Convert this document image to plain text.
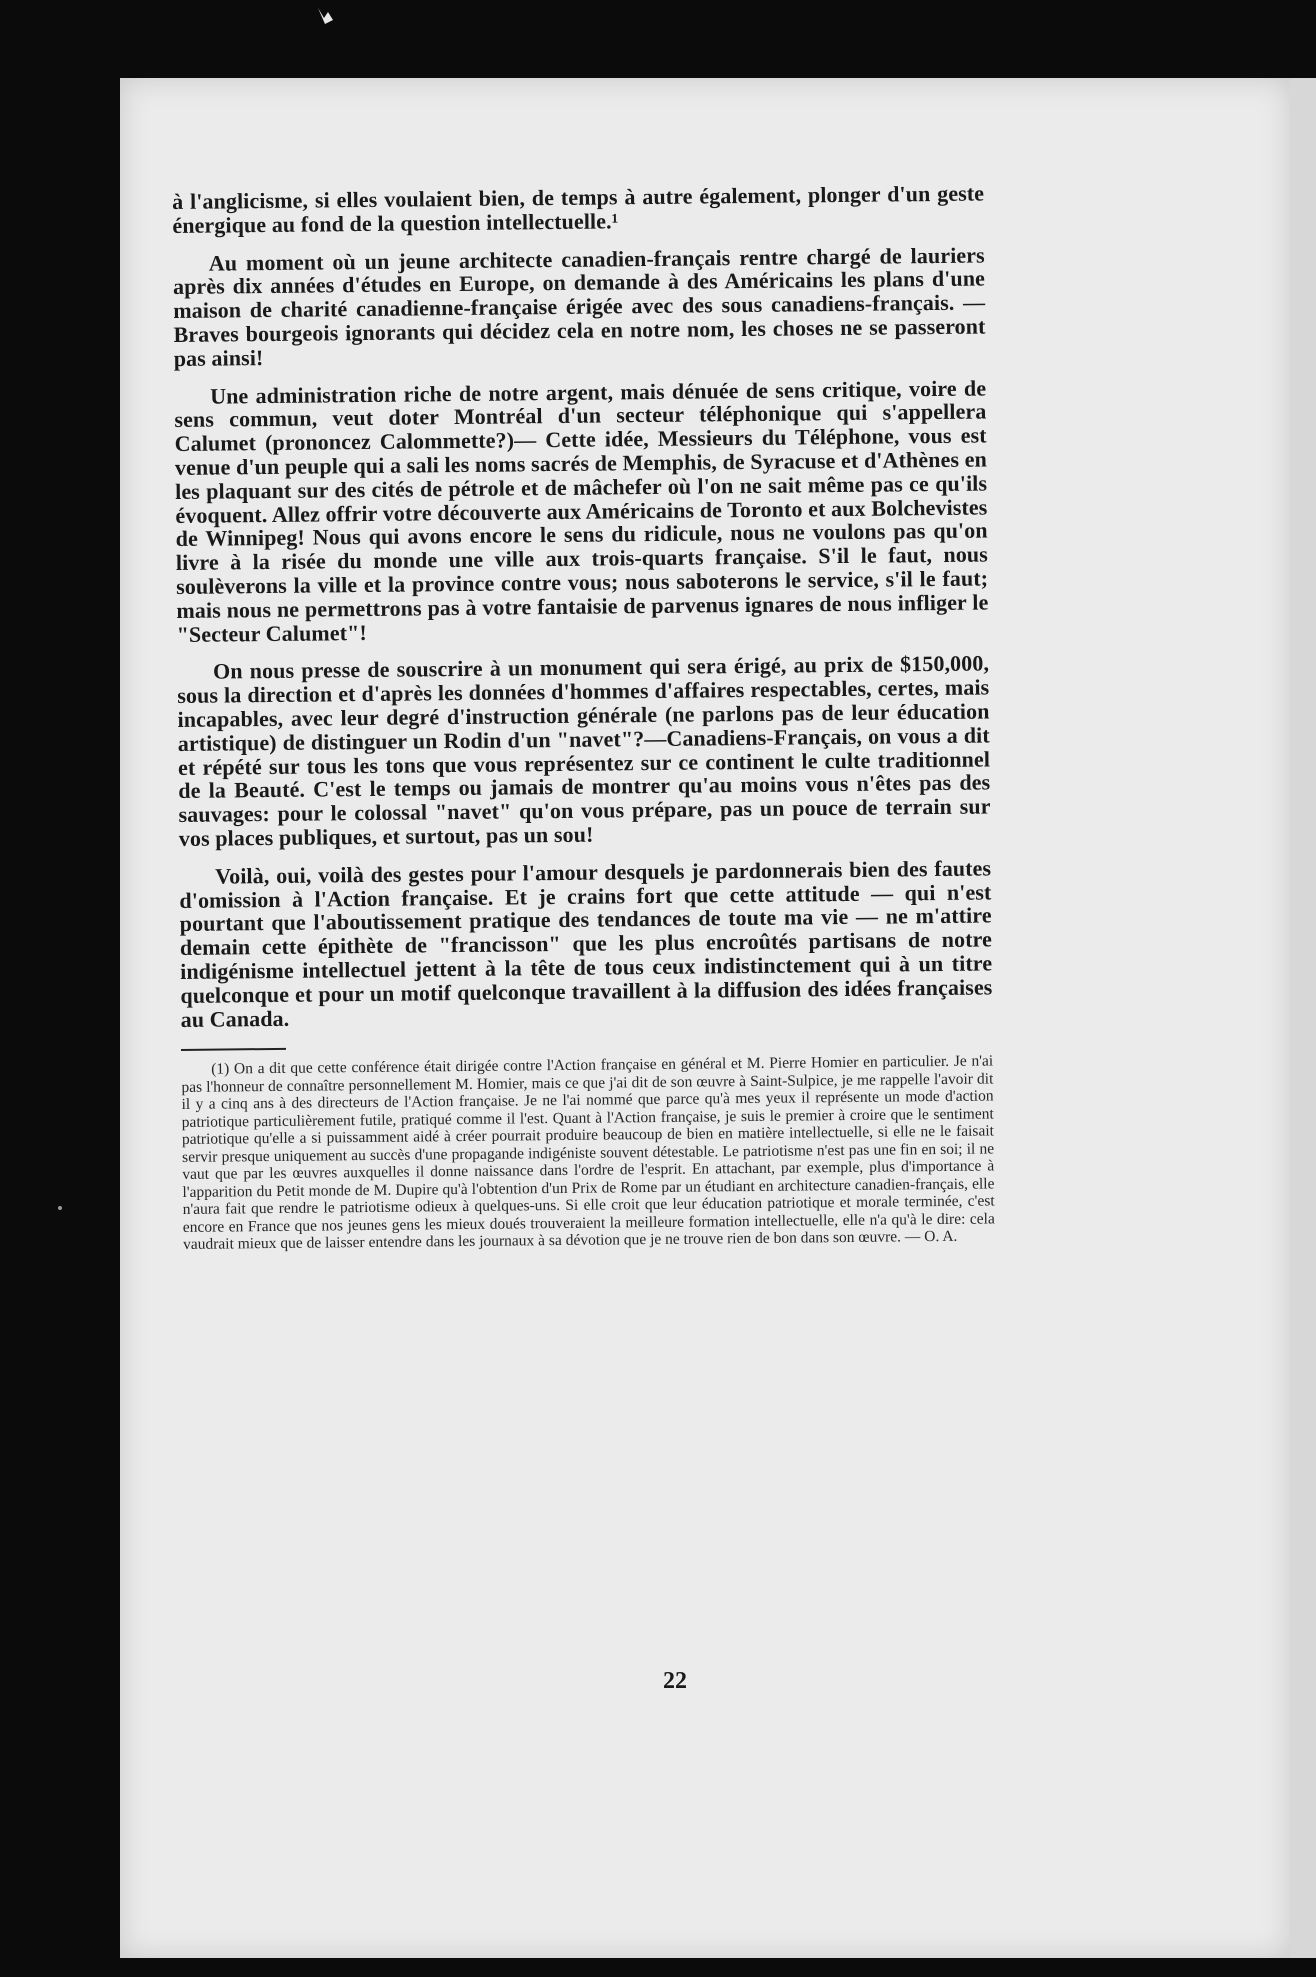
à l'anglicisme, si elles voulaient bien, de temps à autre également, plonger d'un geste énergique au fond de la question intellectuelle.¹

Au moment où un jeune architecte canadien-français rentre chargé de lauriers après dix années d'études en Europe, on demande à des Américains les plans d'une maison de charité canadienne-française érigée avec des sous canadiens-français. — Braves bourgeois ignorants qui décidez cela en notre nom, les choses ne se passeront pas ainsi!

Une administration riche de notre argent, mais dénuée de sens critique, voire de sens commun, veut doter Montréal d'un secteur téléphonique qui s'appellera Calumet (prononcez Calommette?)— Cette idée, Messieurs du Téléphone, vous est venue d'un peuple qui a sali les noms sacrés de Memphis, de Syracuse et d'Athènes en les plaquant sur des cités de pétrole et de mâchefer où l'on ne sait même pas ce qu'ils évoquent. Allez offrir votre découverte aux Américains de Toronto et aux Bolchevistes de Winnipeg! Nous qui avons encore le sens du ridicule, nous ne voulons pas qu'on livre à la risée du monde une ville aux trois-quarts française. S'il le faut, nous soulèverons la ville et la province contre vous; nous saboterons le service, s'il le faut; mais nous ne permettrons pas à votre fantaisie de parvenus ignares de nous infliger le "Secteur Calumet"!

On nous presse de souscrire à un monument qui sera érigé, au prix de $150,000, sous la direction et d'après les données d'hommes d'affaires respectables, certes, mais incapables, avec leur degré d'instruction générale (ne parlons pas de leur éducation artistique) de distinguer un Rodin d'un "navet"?—Canadiens-Français, on vous a dit et répété sur tous les tons que vous représentez sur ce continent le culte traditionnel de la Beauté. C'est le temps ou jamais de montrer qu'au moins vous n'êtes pas des sauvages: pour le colossal "navet" qu'on vous prépare, pas un pouce de terrain sur vos places publiques, et surtout, pas un sou!

Voilà, oui, voilà des gestes pour l'amour desquels je pardonnerais bien des fautes d'omission à l'Action française. Et je crains fort que cette attitude — qui n'est pourtant que l'aboutissement pratique des tendances de toute ma vie — ne m'attire demain cette épithète de "francisson" que les plus encroûtés partisans de notre indigénisme intellectuel jettent à la tête de tous ceux indistinctement qui à un titre quelconque et pour un motif quelconque travaillent à la diffusion des idées françaises au Canada.

(1) On a dit que cette conférence était dirigée contre l'Action française en général et M. Pierre Homier en particulier. Je n'ai pas l'honneur de connaître personnellement M. Homier, mais ce que j'ai dit de son œuvre à Saint-Sulpice, je me rappelle l'avoir dit il y a cinq ans à des directeurs de l'Action française. Je ne l'ai nommé que parce qu'à mes yeux il représente un mode d'action patriotique particulièrement futile, pratiqué comme il l'est. Quant à l'Action française, je suis le premier à croire que le sentiment patriotique qu'elle a si puissamment aidé à créer pourrait produire beaucoup de bien en matière intellectuelle, si elle ne le faisait servir presque uniquement au succès d'une propagande indigéniste souvent détestable. Le patriotisme n'est pas une fin en soi; il ne vaut que par les œuvres auxquelles il donne naissance dans l'ordre de l'esprit. En attachant, par exemple, plus d'importance à l'apparition du Petit monde de M. Dupire qu'à l'obtention d'un Prix de Rome par un étudiant en architecture canadien-français, elle n'aura fait que rendre le patriotisme odieux à quelques-uns. Si elle croit que leur éducation patriotique et morale terminée, c'est encore en France que nos jeunes gens les mieux doués trouveraient la meilleure formation intellectuelle, elle n'a qu'à le dire: cela vaudrait mieux que de laisser entendre dans les journaux à sa dévotion que je ne trouve rien de bon dans son œuvre. — O. A.

22
